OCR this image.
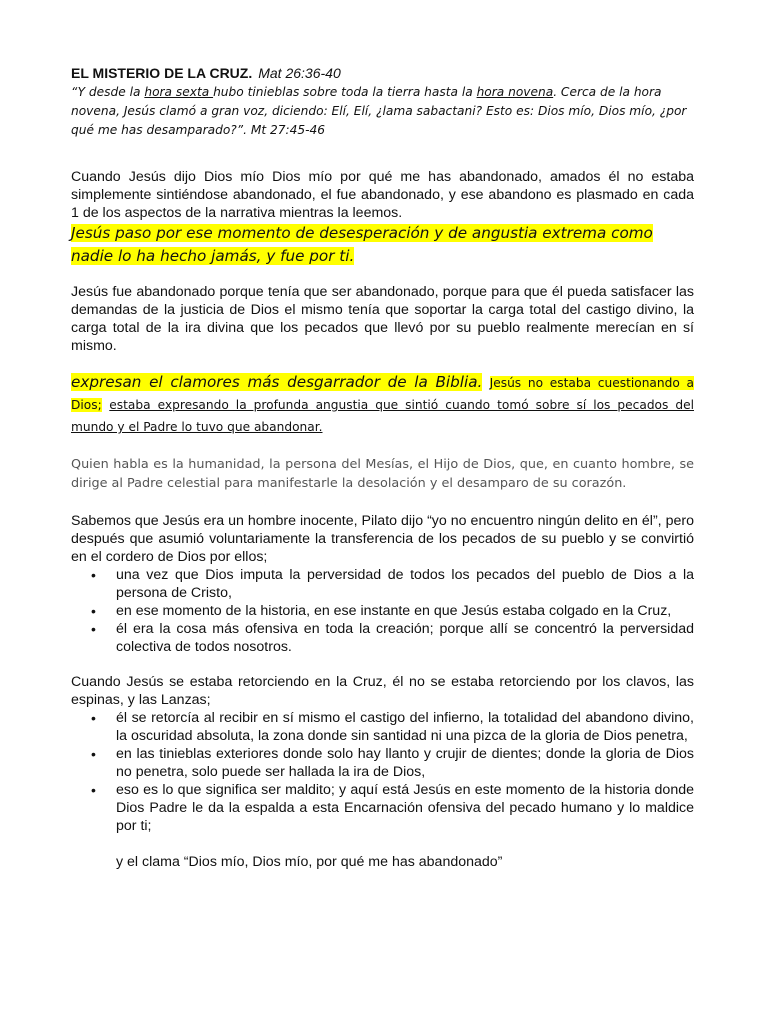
EL MISTERIO DE LA CRUZ. Mat 26:36-40

“Y desde la hora sexta hubo tinieblas sobre toda la tierra hasta la hora novena. Cerca de la hora novena, Jesús clamó a gran voz, diciendo: Elí, Elí, ¿lama sabactani? Esto es: Dios mío, Dios mío, ¿por qué me has desamparado?”. Mt 27:45-46

Cuando Jesús dijo Dios mío Dios mío por qué me has abandonado, amados él no estaba simplemente sintiéndose abandonado, el fue abandonado, y ese abandono es plasmado en cada 1 de los aspectos de la narrativa mientras la leemos.

Jesús paso por ese momento de desesperación y de angustia extrema como nadie lo ha hecho jamás, y fue por ti.

Jesús fue abandonado porque tenía que ser abandonado, porque para que él pueda satisfacer las demandas de la justicia de Dios el mismo tenía que soportar la carga total del castigo divino, la carga total de la ira divina que los pecados que llevó por su pueblo realmente merecían en sí mismo.

expresan el clamores más desgarrador de la Biblia. Jesús no estaba cuestionando a Dios; estaba expresando la profunda angustia que sintió cuando tomó sobre sí los pecados del mundo y el Padre lo tuvo que abandonar.

Quien habla es la humanidad, la persona del Mesías, el Hijo de Dios, que, en cuanto hombre, se dirige al Padre celestial para manifestarle la desolación y el desamparo de su corazón.

Sabemos que Jesús era un hombre inocente, Pilato dijo “yo no encuentro ningún delito en él”, pero después que asumió voluntariamente la transferencia de los pecados de su pueblo y se convirtió en el cordero de Dios por ellos;

• una vez que Dios imputa la perversidad de todos los pecados del pueblo de Dios a la persona de Cristo,
• en ese momento de la historia, en ese instante en que Jesús estaba colgado en la Cruz,
• él era la cosa más ofensiva en toda la creación; porque allí se concentró la perversidad colectiva de todos nosotros.

Cuando Jesús se estaba retorciendo en la Cruz, él no se estaba retorciendo por los clavos, las espinas, y las Lanzas;

• él se retorcía al recibir en sí mismo el castigo del infierno, la totalidad del abandono divino, la oscuridad absoluta, la zona donde sin santidad ni una pizca de la gloria de Dios penetra,
• en las tinieblas exteriores donde solo hay llanto y crujir de dientes; donde la gloria de Dios no penetra, solo puede ser hallada la ira de Dios,
• eso es lo que significa ser maldito; y aquí está Jesús en este momento de la historia donde Dios Padre le da la espalda a esta Encarnación ofensiva del pecado humano y lo maldice por ti;

y el clama “Dios mío, Dios mío, por qué me has abandonado”
